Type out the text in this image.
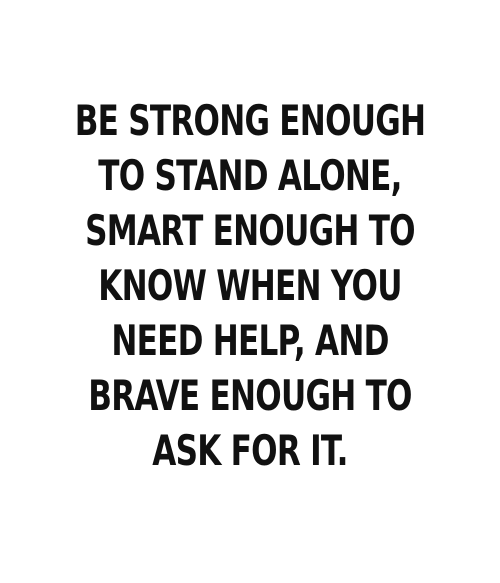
BE STRONG ENOUGH
TO STAND ALONE,
SMART ENOUGH TO
KNOW WHEN YOU
NEED HELP, AND
BRAVE ENOUGH TO
ASK FOR IT.
